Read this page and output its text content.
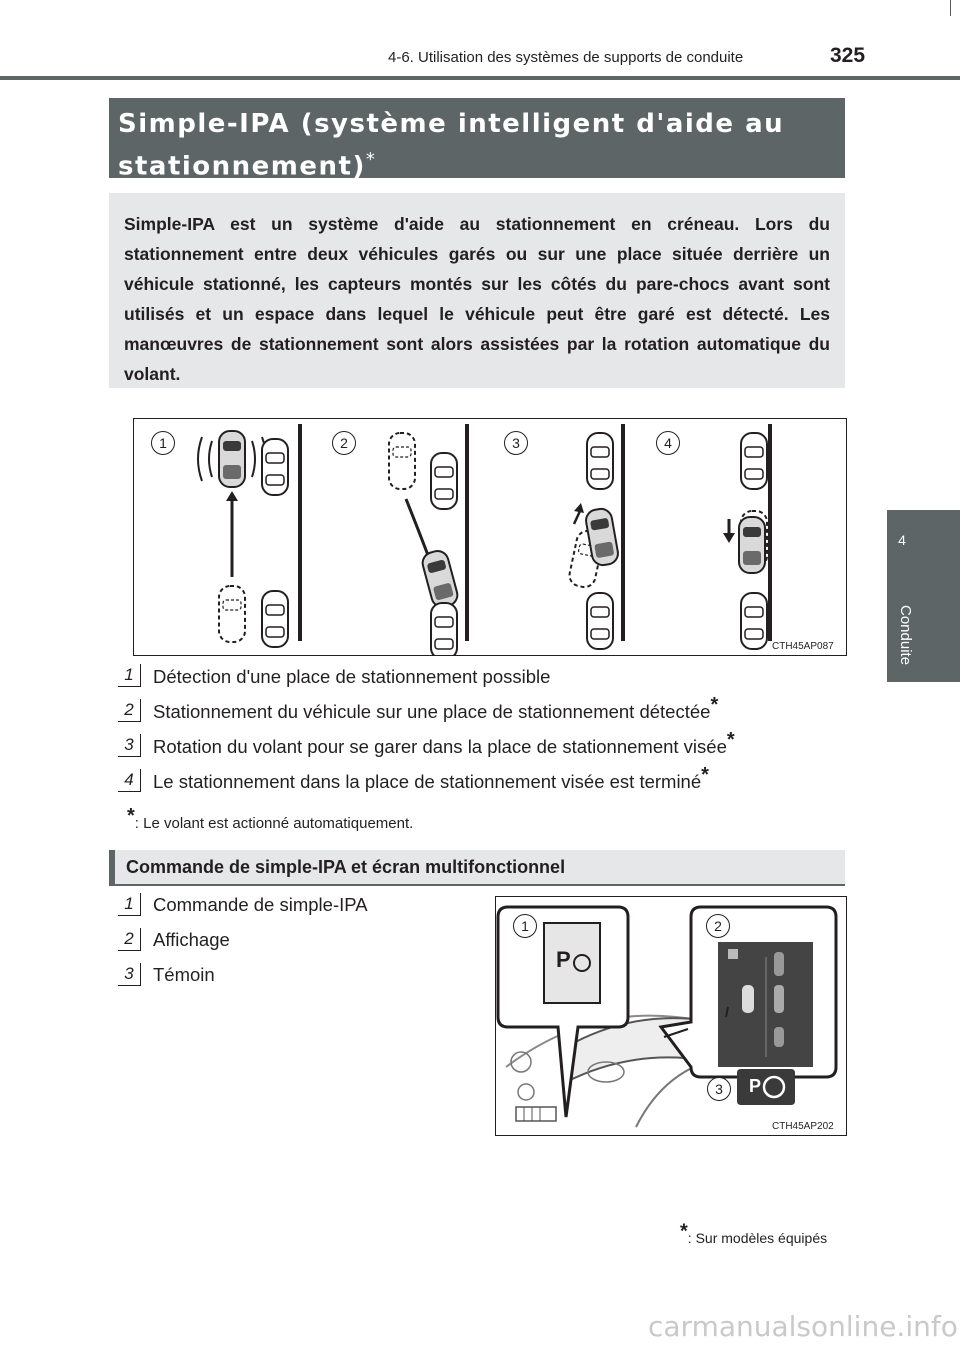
4-6. Utilisation des systèmes de supports de conduite	325
4
Conduite
Simple-IPA (système intelligent d'aide au stationnement)*
Simple-IPA est un système d'aide au stationnement en créneau. Lors du stationnement entre deux véhicules garés ou sur une place située derrière un véhicule stationné, les capteurs montés sur les côtés du pare-chocs avant sont utilisés et un espace dans lequel le véhicule peut être garé est détecté. Les manœuvres de stationnement sont alors assistées par la rotation automatique du volant.
1	2	3	4
CTH45AP087
1	Détection d'une place de stationnement possible
2	Stationnement du véhicule sur une place de stationnement détectée*
3	Rotation du volant pour se garer dans la place de stationnement visée*
4	Le stationnement dans la place de stationnement visée est terminé*
*: Le volant est actionné automatiquement.
Commande de simple-IPA et écran multifonctionnel
1	Commande de simple-IPA
2	Affichage
3	Témoin
P
P
1	2
3
CTH45AP202
*: Sur modèles équipés
carmanualsonline.info
